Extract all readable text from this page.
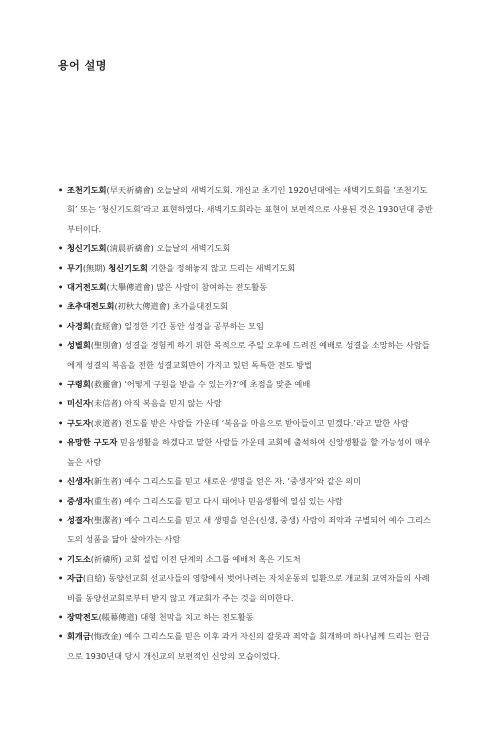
용어 설명
• 조천기도회(早天祈禱會) 오늘날의 새벽기도회. 개신교 초기인 1920년대에는 새벽기도회를 ‘조천기도회’ 또는 ‘청신기도회’라고 표현하였다. 새벽기도회라는 표현이 보편적으로 사용된 것은 1930년대 중반부터이다.
• 청신기도회(淸晨祈禱會) 오늘날의 새벽기도회
• 무기(無期) 청신기도회 기한을 정해놓지 않고 드리는 새벽기도회
• 대거전도회(大擧傳道會) 많은 사람이 참여하는 전도활동
• 초추대전도회(初秋大傳道會) 초가을대전도회
• 사경회(査經會) 일정한 기간 동안 성경을 공부하는 모임
• 성별회(聖別會) 성결을 경험케 하기 위한 목적으로 주일 오후에 드려진 예배로 성결을 소망하는 사람들에게 성결의 복음을 전한 성결교회만이 가지고 있던 독특한 전도 방법
• 구령회(救靈會) ‘어떻게 구원을 받을 수 있는가?’에 초점을 맞춘 예배
• 미신자(未信者) 아직 복음을 믿지 않는 사람
• 구도자(求道者) 전도를 받은 사람들 가운데 ‘복음을 마음으로 받아들이고 믿겠다.’라고 말한 사람
• 유망한 구도자 믿음생활을 하겠다고 말한 사람들 가운데 교회에 출석하여 신앙생활을 할 가능성이 매우 높은 사람
• 신생자(新生者) 예수 그리스도를 믿고 새로운 생명을 얻은 자. ‘중생자’와 같은 의미
• 중생자(重生者) 예수 그리스도를 믿고 다시 태어나 믿음생활에 열심 있는 사람
• 성결자(聖潔者) 예수 그리스도를 믿고 새 생명을 얻은(신생, 중생) 사람이 죄악과 구별되어 예수 그리스도의 성품을 닮아 살아가는 사람
• 기도소(祈禱所) 교회 설립 이전 단계의 소그룹 예배처 혹은 기도처
• 자급(自給) 동양선교회 선교사들의 영향에서 벗어나려는 자치운동의 일환으로 개교회 교역자들의 사례비를 동양선교회로부터 받지 않고 개교회가 주는 것을 의미한다.
• 장막전도(帳幕傳道) 대형 천막을 치고 하는 전도활동
• 회개금(悔改金) 예수 그리스도를 믿은 이후 과거 자신의 잘못과 죄악을 회개하며 하나님께 드리는 헌금으로 1930년대 당시 개신교의 보편적인 신앙의 모습이었다.
